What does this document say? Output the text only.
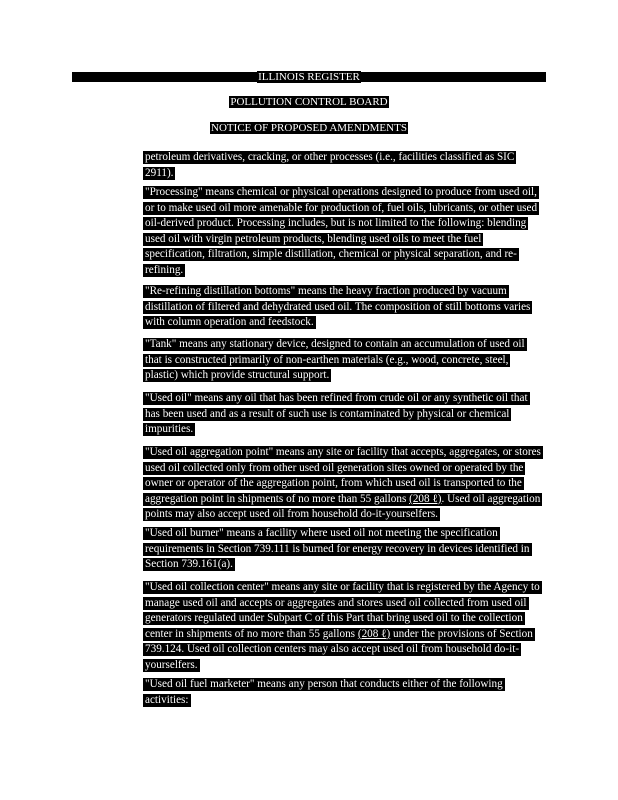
ILLINOIS REGISTER
POLLUTION CONTROL BOARD
NOTICE OF PROPOSED AMENDMENTS

petroleum derivatives, cracking, or other processes (i.e., facilities classified as SIC 2911).

"Processing" means chemical or physical operations designed to produce from used oil, or to make used oil more amenable for production of, fuel oils, lubricants, or other used oil-derived product. Processing includes, but is not limited to the following: blending used oil with virgin petroleum products, blending used oils to meet the fuel specification, filtration, simple distillation, chemical or physical separation, and re-refining.

"Re-refining distillation bottoms" means the heavy fraction produced by vacuum distillation of filtered and dehydrated used oil. The composition of still bottoms varies with column operation and feedstock.

"Tank" means any stationary device, designed to contain an accumulation of used oil that is constructed primarily of non-earthen materials (e.g., wood, concrete, steel, plastic) which provide structural support.

"Used oil" means any oil that has been refined from crude oil or any synthetic oil that has been used and as a result of such use is contaminated by physical or chemical impurities.

"Used oil aggregation point" means any site or facility that accepts, aggregates, or stores used oil collected only from other used oil generation sites owned or operated by the owner or operator of the aggregation point, from which used oil is transported to the aggregation point in shipments of no more than 55 gallons (208 ℓ). Used oil aggregation points may also accept used oil from household do-it-yourselfers.

"Used oil burner" means a facility where used oil not meeting the specification requirements in Section 739.111 is burned for energy recovery in devices identified in Section 739.161(a).

"Used oil collection center" means any site or facility that is registered by the Agency to manage used oil and accepts or aggregates and stores used oil collected from used oil generators regulated under Subpart C of this Part that bring used oil to the collection center in shipments of no more than 55 gallons (208 ℓ) under the provisions of Section 739.124. Used oil collection centers may also accept used oil from household do-it-yourselfers.

"Used oil fuel marketer" means any person that conducts either of the following activities:
